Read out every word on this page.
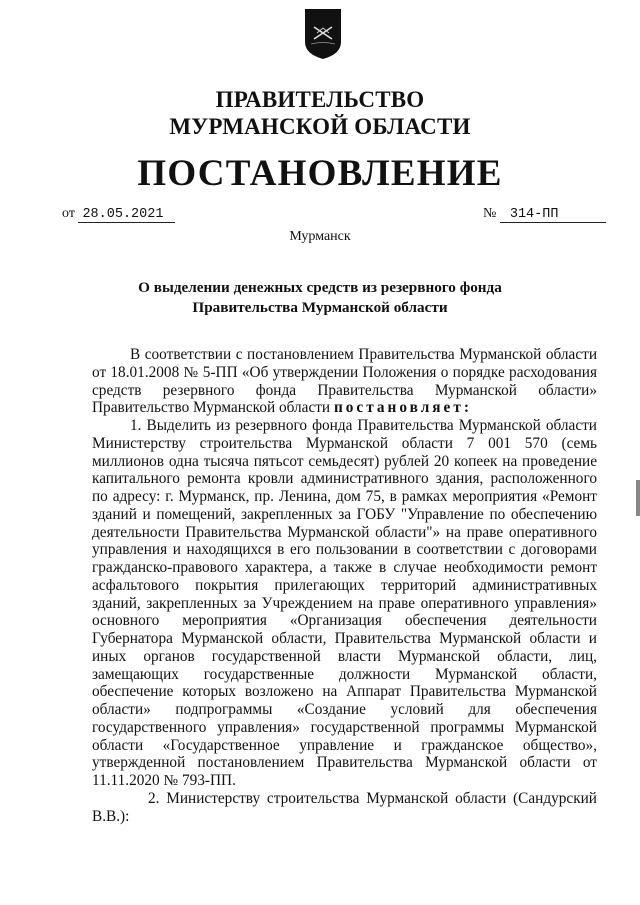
ПРАВИТЕЛЬСТВО
МУРМАНСКОЙ ОБЛАСТИ
ПОСТАНОВЛЕНИЕ
от 28.05.2021	№ 314-ПП
Мурманск
О выделении денежных средств из резервного фонда
Правительства Мурманской области

В соответствии с постановлением Правительства Мурманской области от 18.01.2008 № 5-ПП «Об утверждении Положения о порядке расходования средств резервного фонда Правительства Мурманской области» Правительство Мурманской области постановляет:

1. Выделить из резервного фонда Правительства Мурманской области Министерству строительства Мурманской области 7 001 570 (семь миллионов одна тысяча пятьсот семьдесят) рублей 20 копеек на проведение капитального ремонта кровли административного здания, расположенного по адресу: г. Мурманск, пр. Ленина, дом 75, в рамках мероприятия «Ремонт зданий и помещений, закрепленных за ГОБУ "Управление по обеспечению деятельности Правительства Мурманской области"» на праве оперативного управления и находящихся в его пользовании в соответствии с договорами гражданско-правового характера, а также в случае необходимости ремонт асфальтового покрытия прилегающих территорий административных зданий, закрепленных за Учреждением на праве оперативного управления» основного мероприятия «Организация обеспечения деятельности Губернатора Мурманской области, Правительства Мурманской области и иных органов государственной власти Мурманской области, лиц, замещающих государственные должности Мурманской области, обеспечение которых возложено на Аппарат Правительства Мурманской области» подпрограммы «Создание условий для обеспечения государственного управления» государственной программы Мурманской области «Государственное управление и гражданское общество», утвержденной постановлением Правительства Мурманской области от 11.11.2020 № 793-ПП.

2. Министерству строительства Мурманской области (Сандурский В.В.):
